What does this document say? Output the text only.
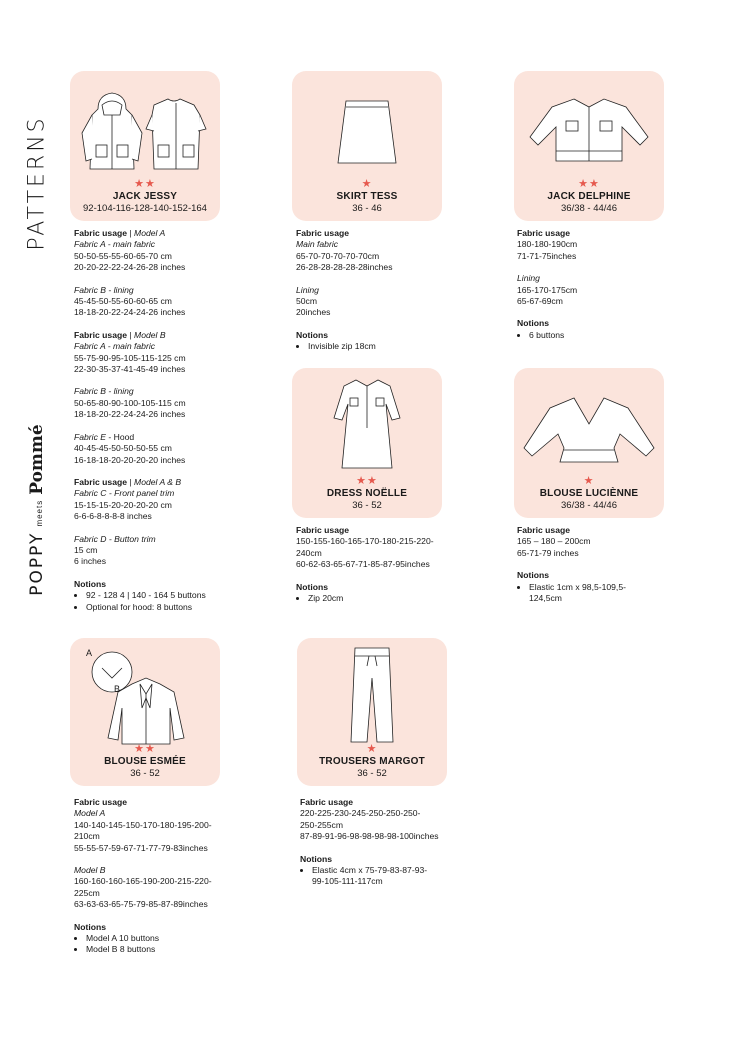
PATTERNS
POPPY
meets
Pommé
★★
JACK JESSY
92-104-116-128-140-152-164
★
SKIRT TESS
36 - 46
★★
JACK DELPHINE
36/38 - 44/46
★★
DRESS NOËLLE
36 - 52
★
BLOUSE LUCIÈNNE
36/38 - 44/46
A
B
★★
BLOUSE ESMÉE
36 - 52
★
TROUSERS MARGOT
36 - 52
Fabric usage | Model A
Fabric A - main fabric
50-50-55-55-60-65-70 cm
20-20-22-22-24-26-28 inches
Fabric B - lining
45-45-50-55-60-60-65 cm
18-18-20-22-24-24-26 inches
Fabric usage | Model B
Fabric A - main fabric
55-75-90-95-105-115-125 cm
22-30-35-37-41-45-49 inches
Fabric B - lining
50-65-80-90-100-105-115 cm
18-18-20-22-24-24-26 inches
Fabric E - Hood
40-45-45-50-50-50-55 cm
16-18-18-20-20-20-20 inches
Fabric usage | Model A & B
Fabric C - Front panel trim
15-15-15-20-20-20-20 cm
6-6-6-8-8-8-8 inches
Fabric D - Button trim
15 cm
6 inches
Notions
• 92 - 128 4 | 140 - 164 5 buttons
• Optional for hood: 8 buttons
Fabric usage
Main fabric
65-70-70-70-70-70cm
26-28-28-28-28-28inches
Lining
50cm
20inches
Notions
• Invisible zip 18cm
Fabric usage
180-180-190cm
71-71-75inches
Lining
165-170-175cm
65-67-69cm
Notions
• 6 buttons
Fabric usage
150-155-160-165-170-180-215-220-
240cm
60-62-63-65-67-71-85-87-95inches
Notions
• Zip 20cm
Fabric usage
165 – 180 – 200cm
65-71-79 inches
Notions
• Elastic 1cm x 98,5-109,5-
124,5cm
Fabric usage
Model A
140-140-145-150-170-180-195-200-
210cm
55-55-57-59-67-71-77-79-83inches
Model B
160-160-160-165-190-200-215-220-
225cm
63-63-63-65-75-79-85-87-89inches
Notions
• Model A 10 buttons
• Model B 8 buttons
Fabric usage
220-225-230-245-250-250-250-
250-255cm
87-89-91-96-98-98-98-98-100inches
Notions
• Elastic 4cm x 75-79-83-87-93-
99-105-111-117cm
